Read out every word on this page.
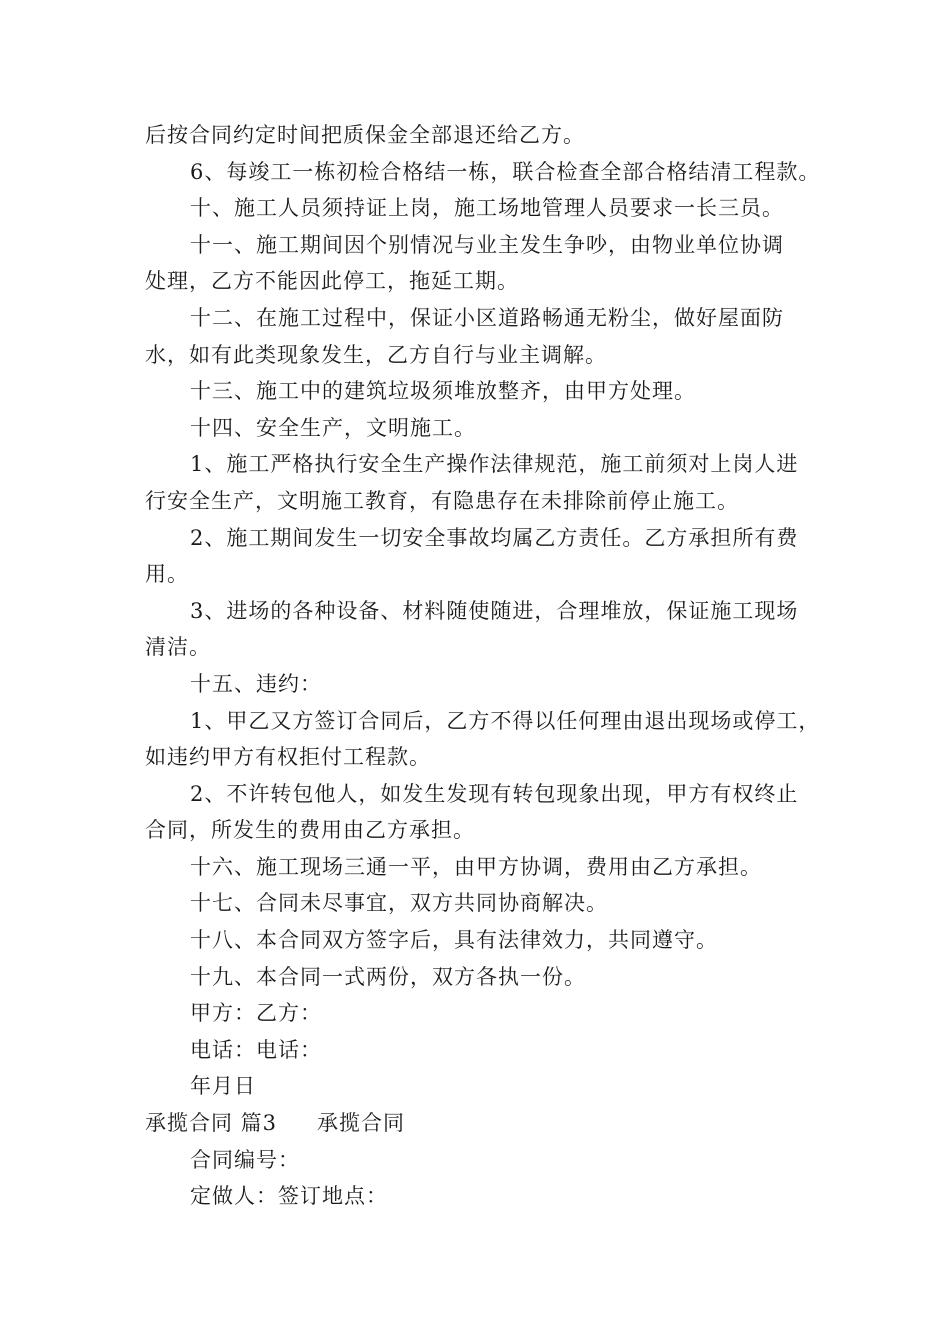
后按合同约定时间把质保金全部退还给乙方。
6、每竣工一栋初检合格结一栋，联合检查全部合格结清工程款。
十、施工人员须持证上岗，施工场地管理人员要求一长三员。
十一、施工期间因个别情况与业主发生争吵，由物业单位协调
处理，乙方不能因此停工，拖延工期。
十二、在施工过程中，保证小区道路畅通无粉尘，做好屋面防
水，如有此类现象发生，乙方自行与业主调解。
十三、施工中的建筑垃圾须堆放整齐，由甲方处理。
十四、安全生产，文明施工。
1、施工严格执行安全生产操作法律规范，施工前须对上岗人进
行安全生产，文明施工教育，有隐患存在未排除前停止施工。
2、施工期间发生一切安全事故均属乙方责任。乙方承担所有费
用。
3、进场的各种设备、材料随使随进，合理堆放，保证施工现场
清洁。
十五、违约：
1、甲乙又方签订合同后，乙方不得以任何理由退出现场或停工，
如违约甲方有权拒付工程款。
2、不许转包他人，如发生发现有转包现象出现，甲方有权终止
合同，所发生的费用由乙方承担。
十六、施工现场三通一平，由甲方协调，费用由乙方承担。
十七、合同未尽事宜，双方共同协商解决。
十八、本合同双方签字后，具有法律效力，共同遵守。
十九、本合同一式两份，双方各执一份。
甲方：乙方：
电话：电话：
年月日
承揽合同 篇3 承揽合同
合同编号：
定做人：签订地点：
